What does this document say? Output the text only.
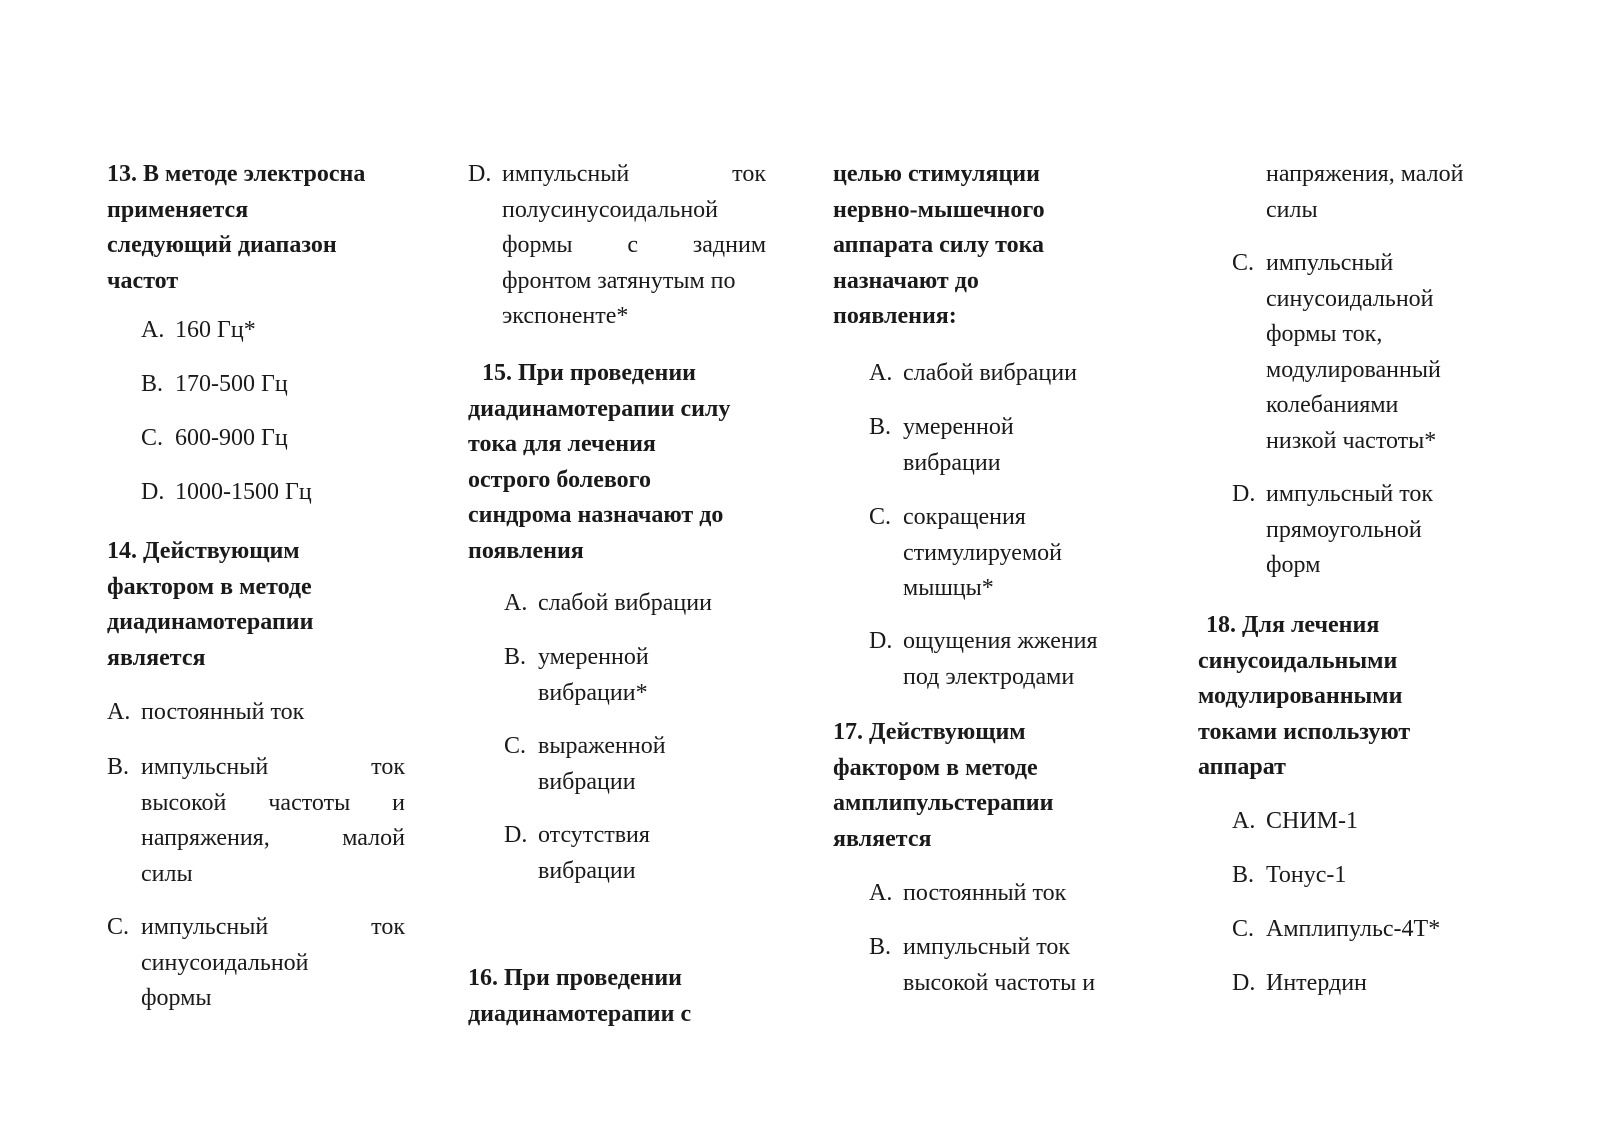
13. В методе электросна
применяется
следующий диапазон
частот
A. 160 Гц*
B. 170-500 Гц
C. 600-900 Гц
D. 1000-1500 Гц
14. Действующим
фактором в методе
диадинамотерапии
является
A. постоянный ток
B. импульсный	ток
высокой частоты и
напряжения,	малой
силы
C. импульсный	ток
синусоидальной
формы
D. импульсный	ток
полусинусоидальной
формы с задним
фронтом затянутым по
экспоненте*
15. При проведении
диадинамотерапии силу
тока для лечения
острого болевого
синдрома назначают до
появления
A. слабой вибрации
B. умеренной
вибрации*
C. выраженной
вибрации
D. отсутствия
вибрации
16. При проведении
диадинамотерапии с
целью стимуляции
нервно-мышечного
аппарата силу тока
назначают до
появления:
A. слабой вибрации
B. умеренной
вибрации
C. сокращения
стимулируемой
мышцы*
D. ощущения жжения
под электродами
17. Действующим
фактором в методе
амплипульстерапии
является
A. постоянный ток
B. импульсный ток
высокой частоты и
напряжения, малой
силы
C. импульсный
синусоидальной
формы ток,
модулированный
колебаниями
низкой частоты*
D. импульсный ток
прямоугольной
форм
18. Для лечения
синусоидальными
модулированными
токами используют
аппарат
A. СНИМ-1
B. Тонус-1
C. Амплипульс-4Т*
D. Интердин
